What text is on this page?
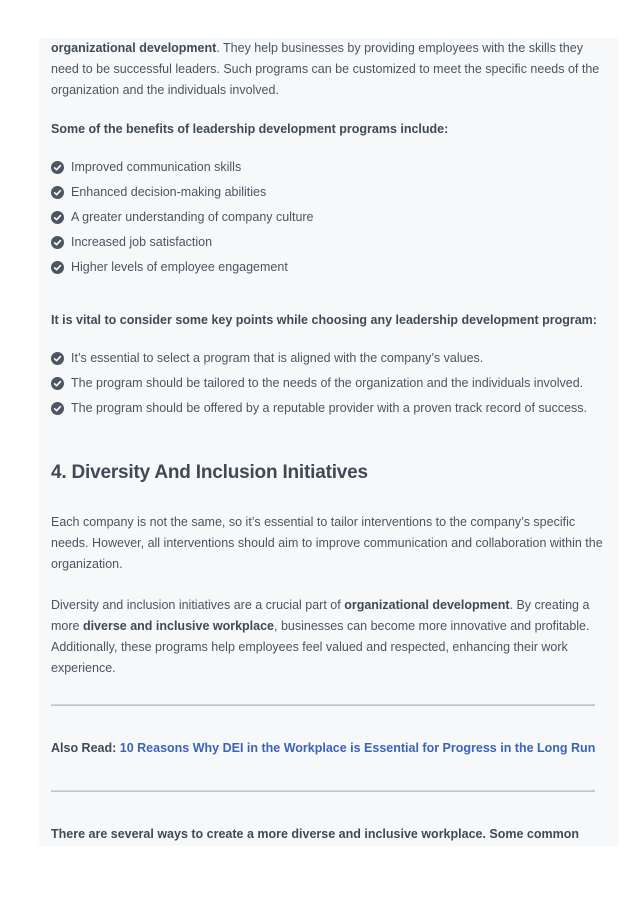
organizational development. They help businesses by providing employees with the skills they need to be successful leaders. Such programs can be customized to meet the specific needs of the organization and the individuals involved.

Some of the benefits of leadership development programs include:
Improved communication skills
Enhanced decision-making abilities
A greater understanding of company culture
Increased job satisfaction
Higher levels of employee engagement
It is vital to consider some key points while choosing any leadership development program:
It’s essential to select a program that is aligned with the company’s values.
The program should be tailored to the needs of the organization and the individuals involved.
The program should be offered by a reputable provider with a proven track record of success.
4. Diversity And Inclusion Initiatives

Each company is not the same, so it’s essential to tailor interventions to the company’s specific needs. However, all interventions should aim to improve communication and collaboration within the organization.

Diversity and inclusion initiatives are a crucial part of organizational development. By creating a more diverse and inclusive workplace, businesses can become more innovative and profitable. Additionally, these programs help employees feel valued and respected, enhancing their work experience.

———————————————————————————————————————————————-

Also Read: 10 Reasons Why DEI in the Workplace is Essential for Progress in the Long Run

———————————————————————————————————————————————-

There are several ways to create a more diverse and inclusive workplace. Some common
